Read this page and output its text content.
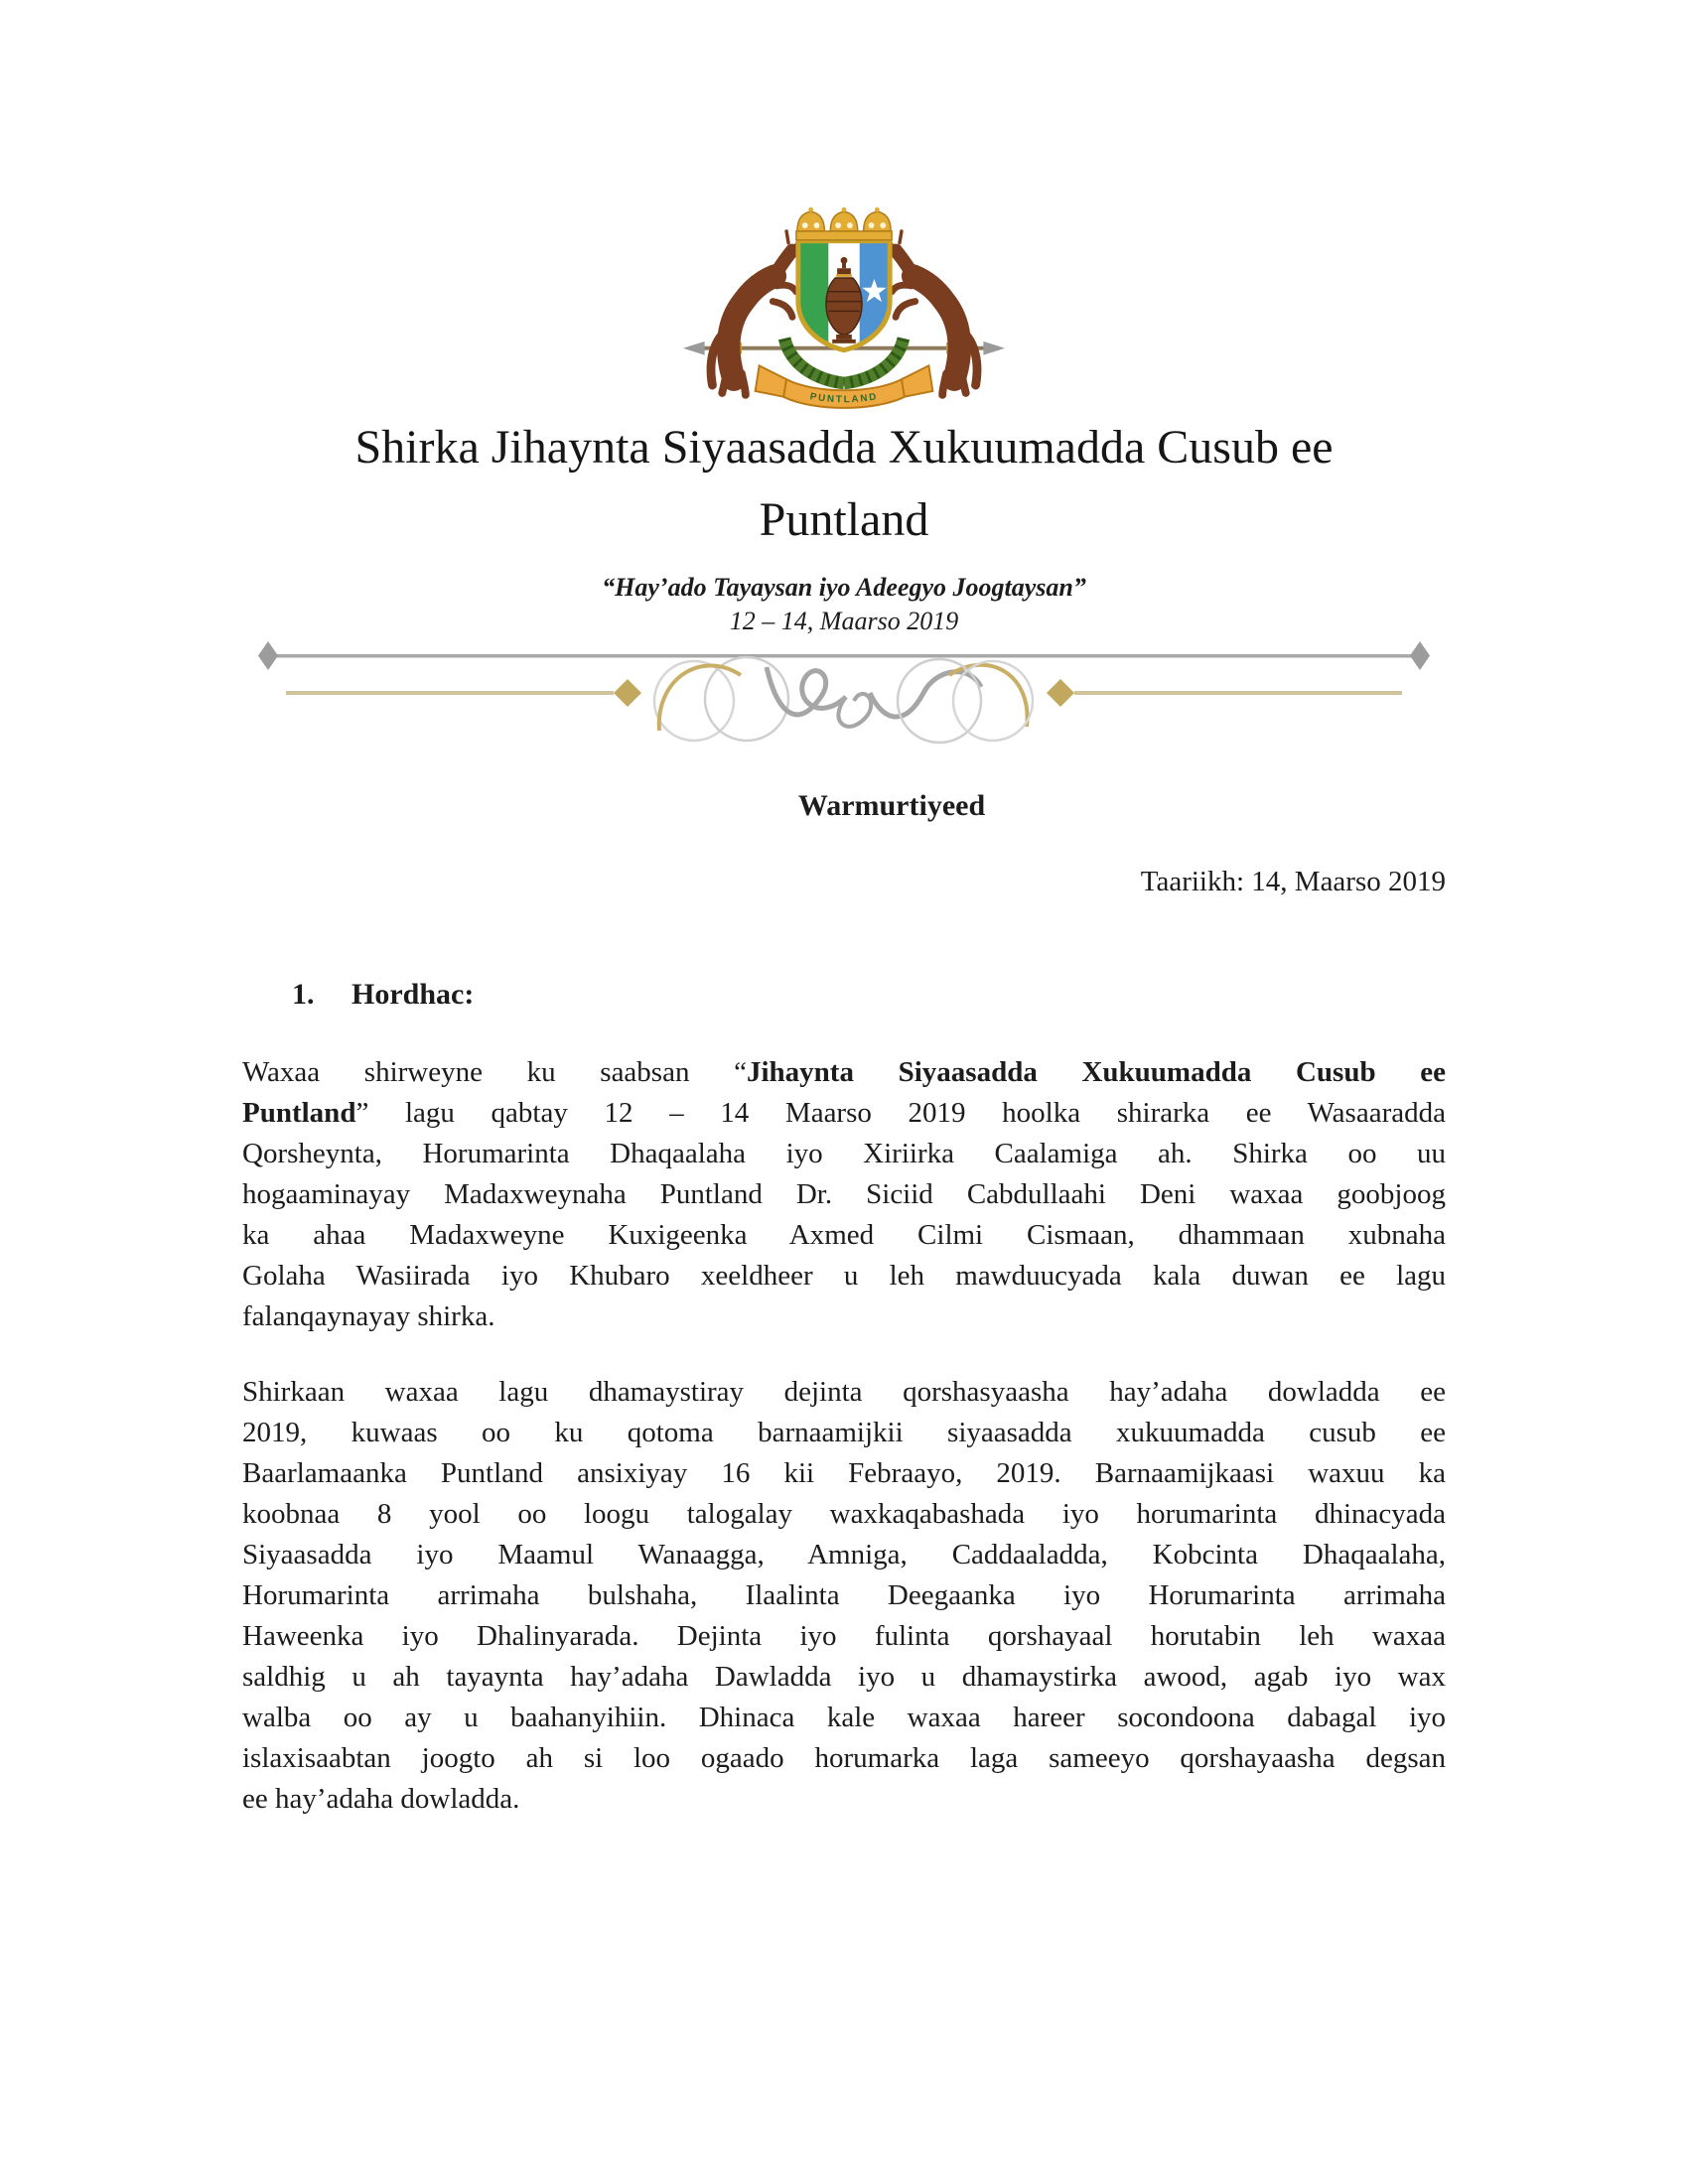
PUNTLAND
Shirka Jihaynta Siyaasadda Xukuumadda Cusub ee
Puntland
“Hay’ado Tayaysan iyo Adeegyo Joogtaysan”
12 – 14, Maarso 2019
Warmurtiyeed
Taariikh: 14, Maarso 2019
1. Hordhac:
Waxaa shirweyne ku saabsan “Jihaynta Siyaasadda Xukuumadda Cusub ee
Puntland” lagu qabtay 12 – 14 Maarso 2019 hoolka shirarka ee Wasaaradda
Qorsheynta, Horumarinta Dhaqaalaha iyo Xiriirka Caalamiga ah. Shirka oo uu
hogaaminayay Madaxweynaha Puntland Dr. Siciid Cabdullaahi Deni waxaa goobjoog
ka ahaa Madaxweyne Kuxigeenka Axmed Cilmi Cismaan, dhammaan xubnaha
Golaha Wasiirada iyo Khubaro xeeldheer u leh mawduucyada kala duwan ee lagu
falanqaynayay shirka.
Shirkaan waxaa lagu dhamaystiray dejinta qorshasyaasha hay’adaha dowladda ee
2019, kuwaas oo ku qotoma barnaamijkii siyaasadda xukuumadda cusub ee
Baarlamaanka Puntland ansixiyay 16 kii Febraayo, 2019. Barnaamijkaasi waxuu ka
koobnaa 8 yool oo loogu talogalay waxkaqabashada iyo horumarinta dhinacyada
Siyaasadda iyo Maamul Wanaagga, Amniga, Caddaaladda, Kobcinta Dhaqaalaha,
Horumarinta arrimaha bulshaha, Ilaalinta Deegaanka iyo Horumarinta arrimaha
Haweenka iyo Dhalinyarada. Dejinta iyo fulinta qorshayaal horutabin leh waxaa
saldhig u ah tayaynta hay’adaha Dawladda iyo u dhamaystirka awood, agab iyo wax
walba oo ay u baahanyihiin. Dhinaca kale waxaa hareer socondoona dabagal iyo
islaxisaabtan joogto ah si loo ogaado horumarka laga sameeyo qorshayaasha degsan
ee hay’adaha dowladda.
